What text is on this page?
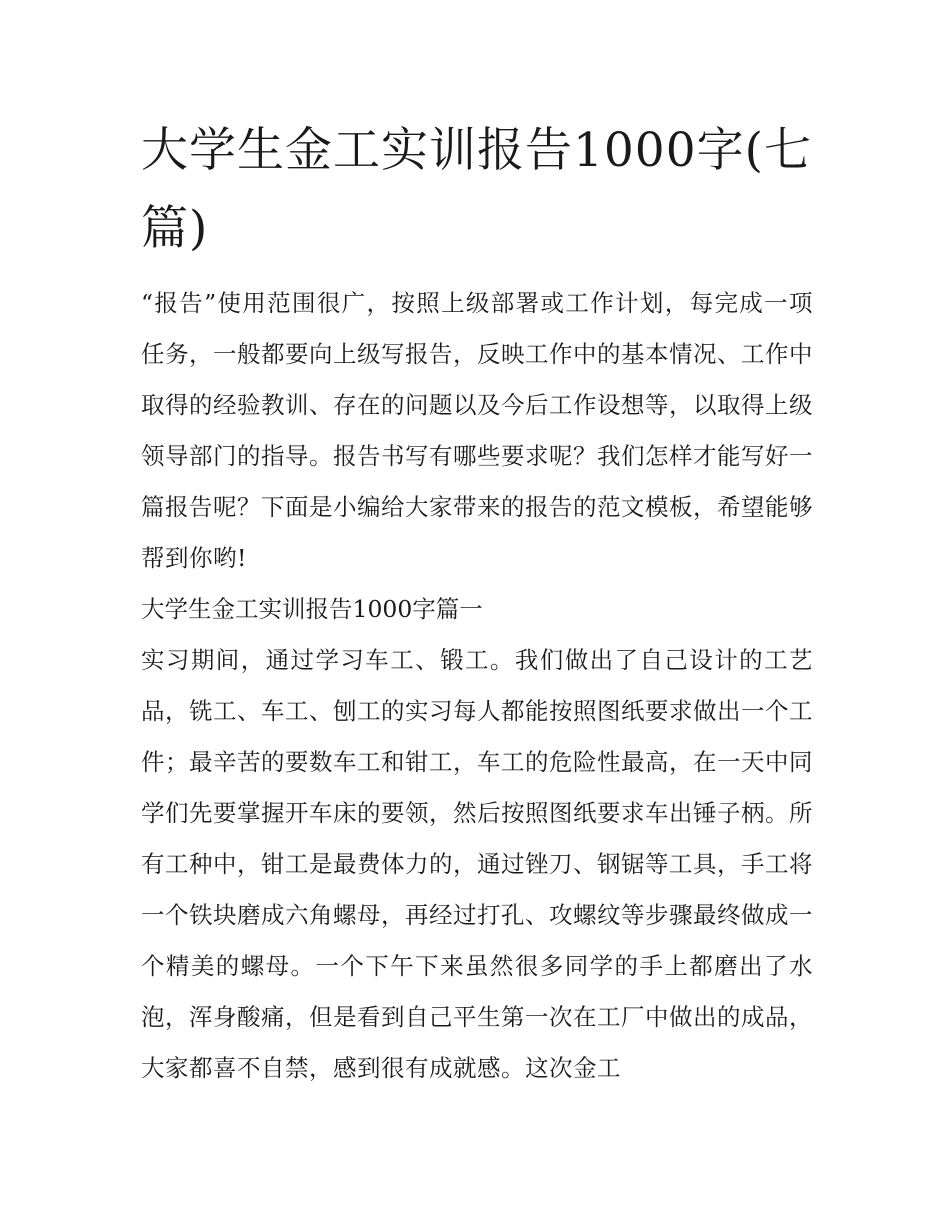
大学生金工实训报告1000字(七篇)

“报告”使用范围很广，按照上级部署或工作计划，每完成一项任务，一般都要向上级写报告，反映工作中的基本情况、工作中取得的经验教训、存在的问题以及今后工作设想等，以取得上级领导部门的指导。报告书写有哪些要求呢？我们怎样才能写好一篇报告呢？下面是小编给大家带来的报告的范文模板，希望能够帮到你哟!

大学生金工实训报告1000字篇一

实习期间，通过学习车工、锻工。我们做出了自己设计的工艺品，铣工、车工、刨工的实习每人都能按照图纸要求做出一个工件；最辛苦的要数车工和钳工，车工的危险性最高，在一天中同学们先要掌握开车床的要领，然后按照图纸要求车出锤子柄。所有工种中，钳工是最费体力的，通过锉刀、钢锯等工具，手工将一个铁块磨成六角螺母，再经过打孔、攻螺纹等步骤最终做成一个精美的螺母。一个下午下来虽然很多同学的手上都磨出了水泡，浑身酸痛，但是看到自己平生第一次在工厂中做出的成品，大家都喜不自禁，感到很有成就感。这次金工
